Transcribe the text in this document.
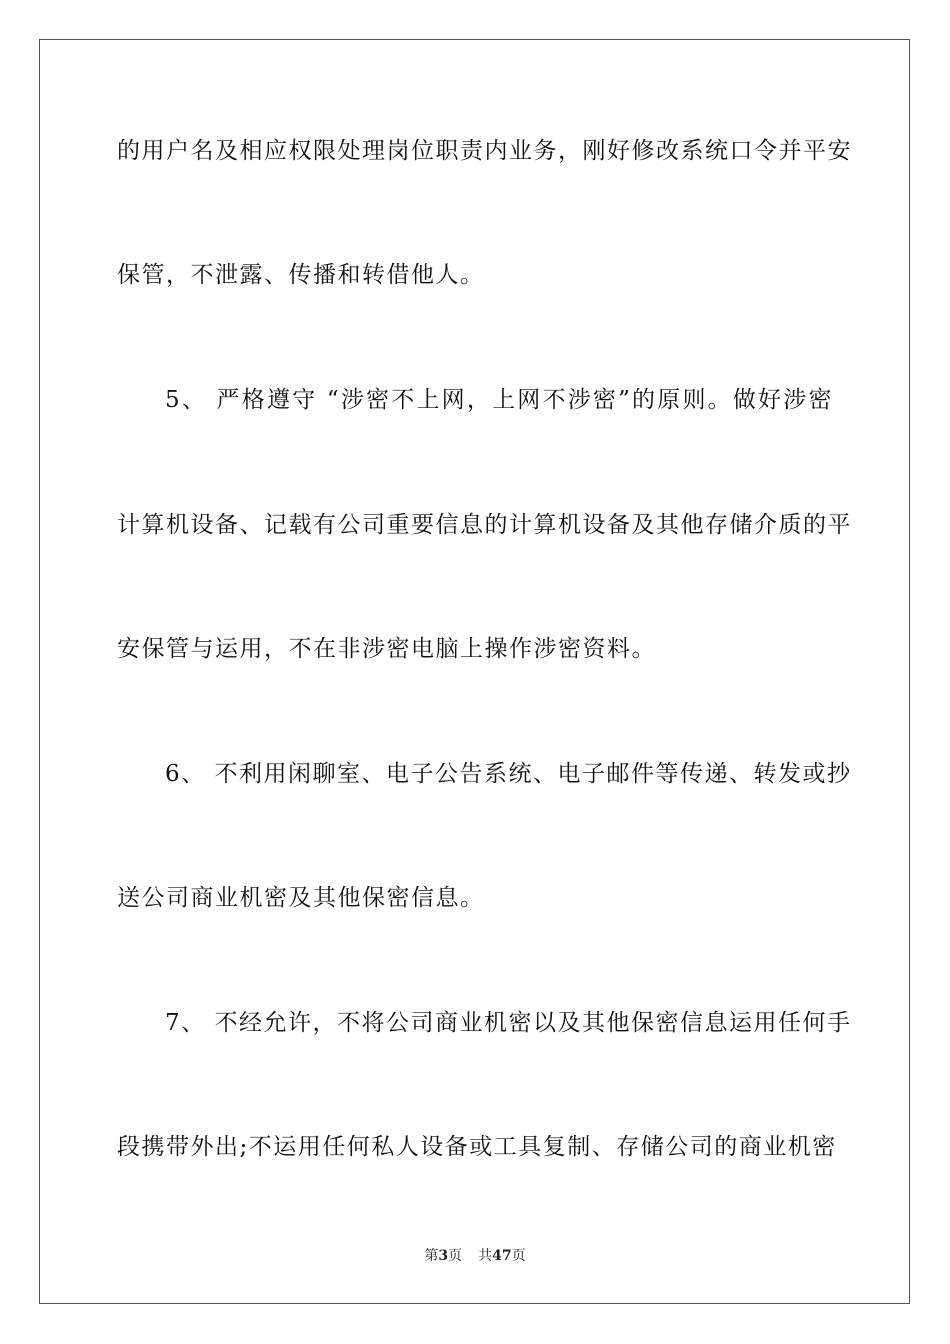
的用户名及相应权限处理岗位职责内业务，刚好修改系统口令并平安
保管，不泄露、传播和转借他人。
5、 严格遵守 “涉密不上网，上网不涉密”的原则。做好涉密
计算机设备、记载有公司重要信息的计算机设备及其他存储介质的平
安保管与运用，不在非涉密电脑上操作涉密资料。
6、 不利用闲聊室、电子公告系统、电子邮件等传递、转发或抄
送公司商业机密及其他保密信息。
7、 不经允许，不将公司商业机密以及其他保密信息运用任何手
段携带外出;不运用任何私人设备或工具复制、存储公司的商业机密
第3页 共47页
